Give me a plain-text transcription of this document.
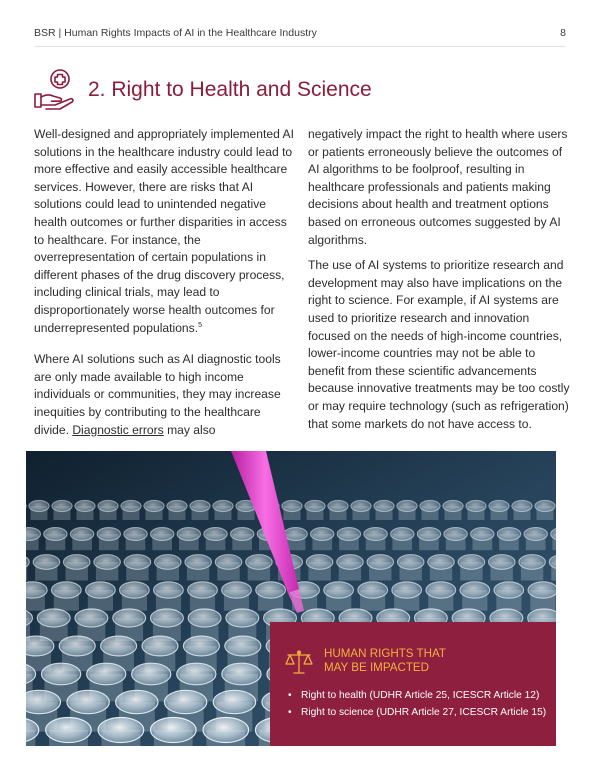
BSR | Human Rights Impacts of AI in the Healthcare Industry	8
2. Right to Health and Science

Well-designed and appropriately implemented AI solutions in the healthcare industry could lead to more effective and easily accessible healthcare services. However, there are risks that AI solutions could lead to unintended negative health outcomes or further disparities in access to healthcare. For instance, the overrepresentation of certain populations in different phases of the drug discovery process, including clinical trials, may lead to disproportionately worse health outcomes for underrepresented populations.$^5$

Where AI solutions such as AI diagnostic tools are only made available to high income individuals or communities, they may increase inequities by contributing to the healthcare divide. Diagnostic errors may also

negatively impact the right to health where users or patients erroneously believe the outcomes of AI algorithms to be foolproof, resulting in healthcare professionals and patients making decisions about health and treatment options based on erroneous outcomes suggested by AI algorithms.

The use of AI systems to prioritize research and development may also have implications on the right to science. For example, if AI systems are used to prioritize research and innovation focused on the needs of high-income countries, lower-income countries may not be able to benefit from these scientific advancements because innovative treatments may be too costly or may require technology (such as refrigeration) that some markets do not have access to.

HUMAN RIGHTS THAT
MAY BE IMPACTED
• Right to health (UDHR Article 25, ICESCR Article 12)
• Right to science (UDHR Article 27, ICESCR Article 15)
